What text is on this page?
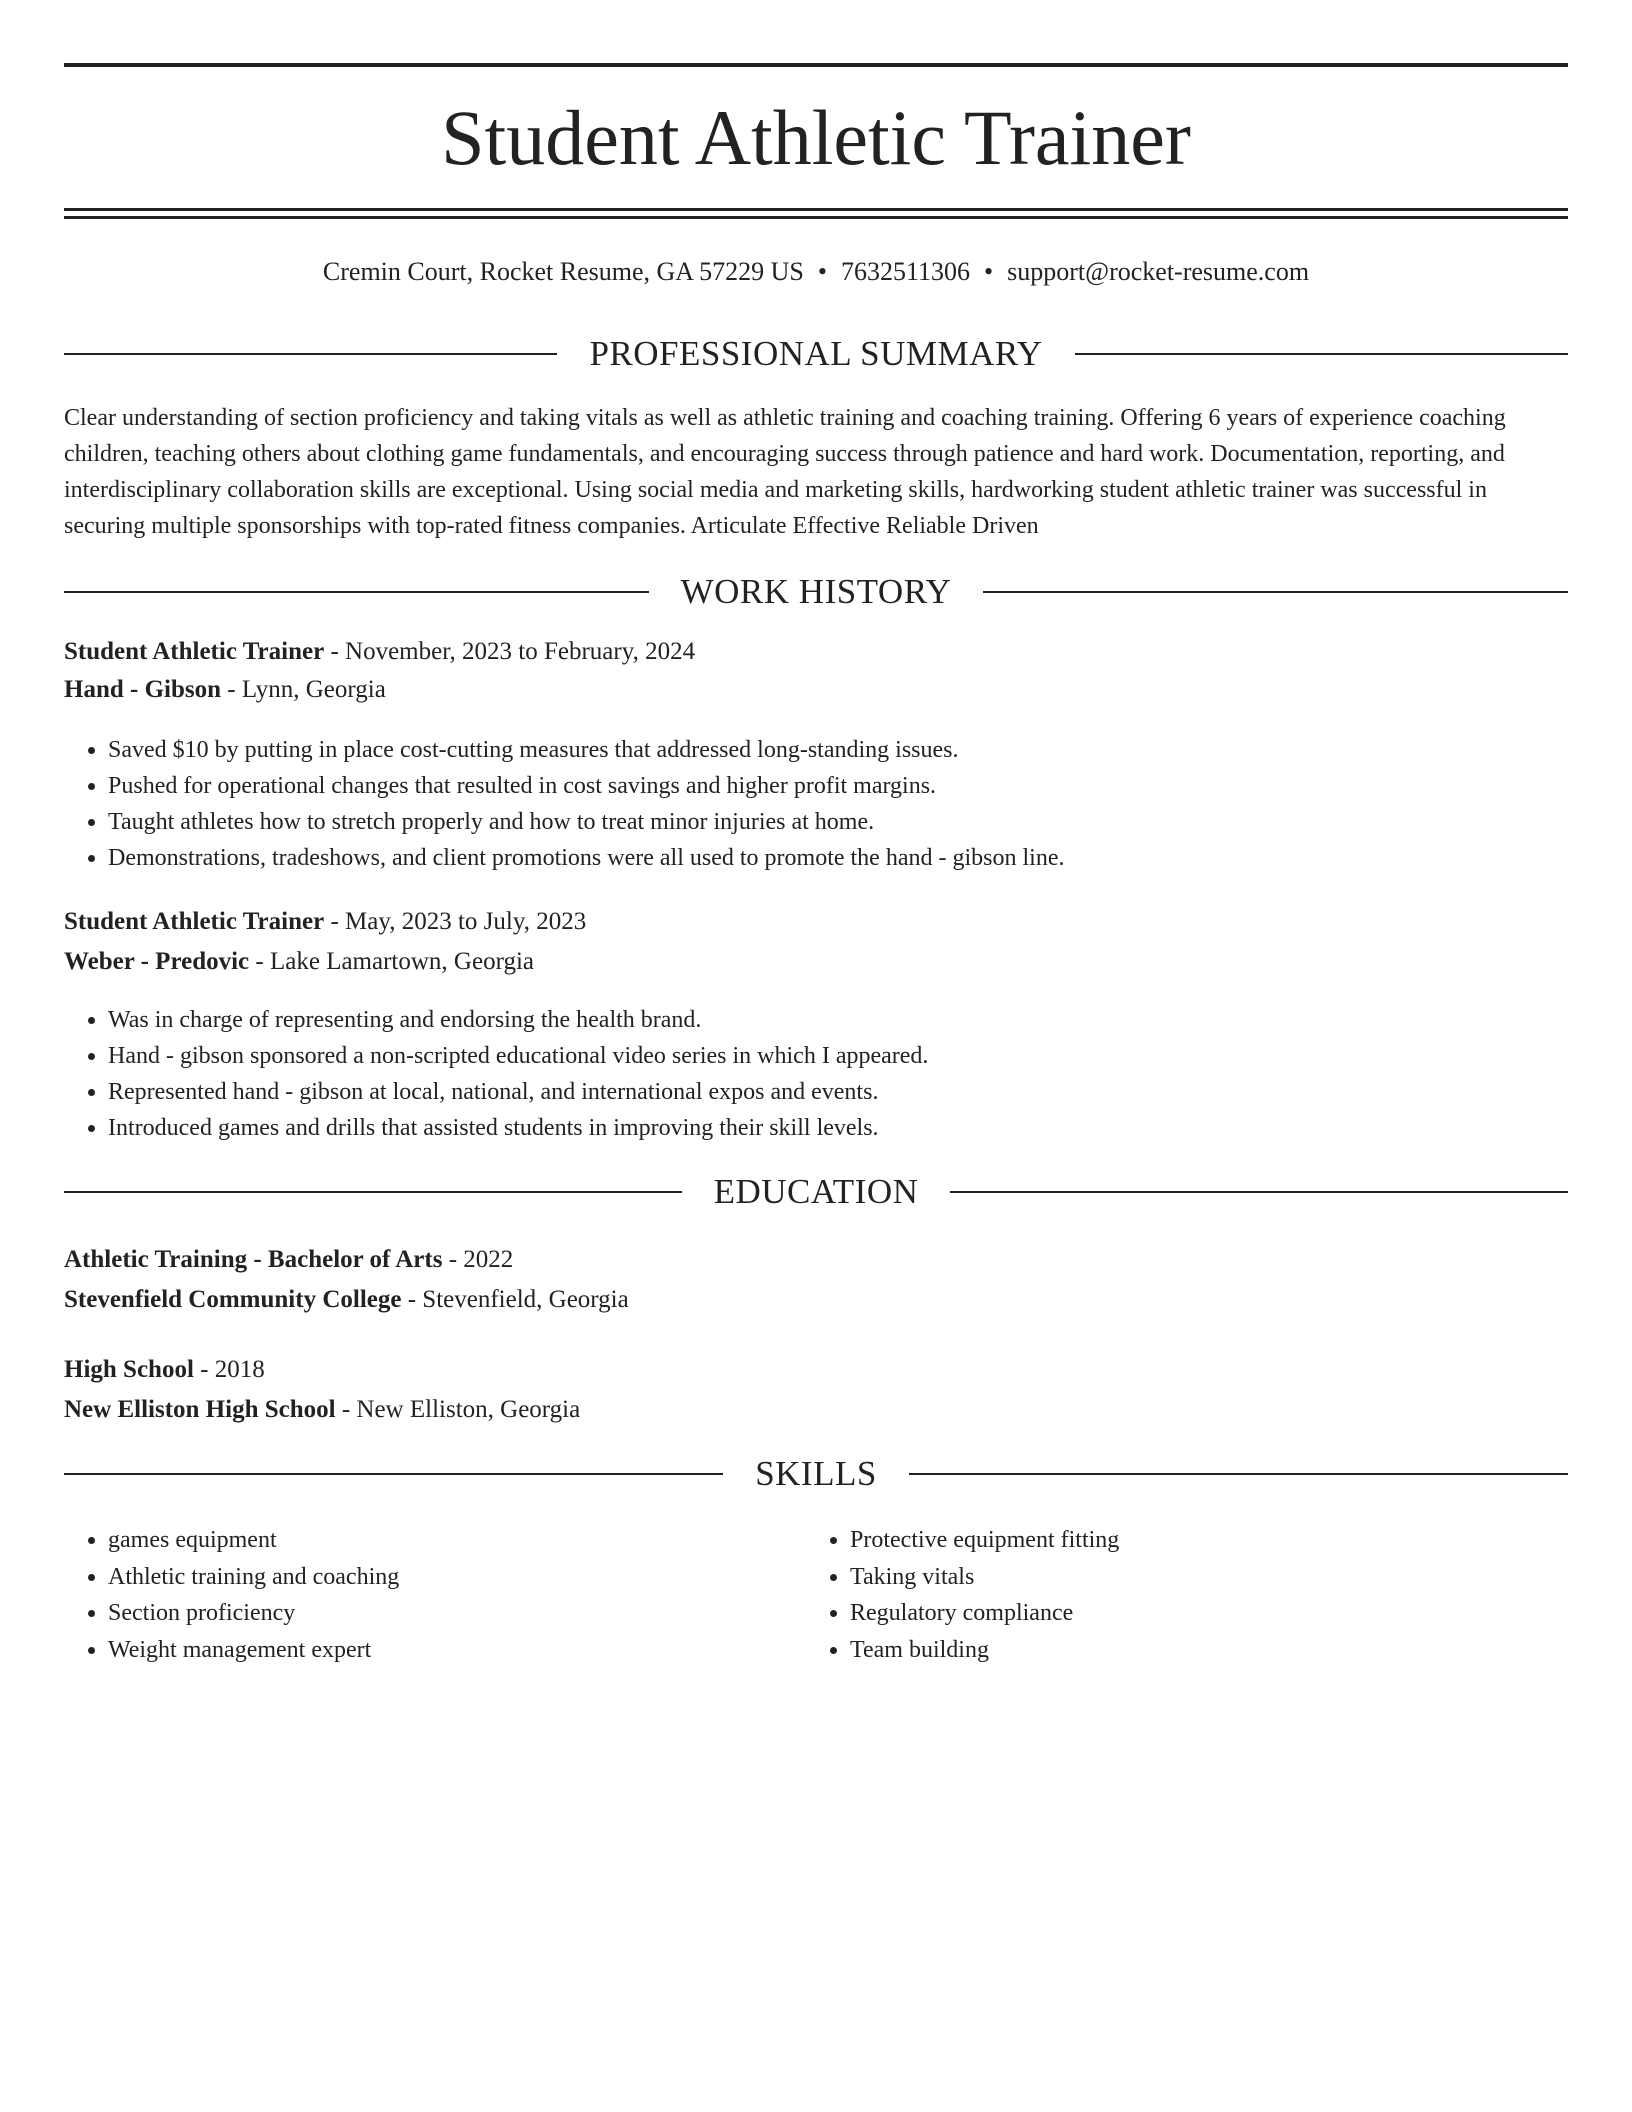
Student Athletic Trainer
Cremin Court, Rocket Resume, GA 57229 US • 7632511306 • support@rocket-resume.com
PROFESSIONAL SUMMARY

Clear understanding of section proficiency and taking vitals as well as athletic training and coaching training. Offering 6 years of experience coaching children, teaching others about clothing game fundamentals, and encouraging success through patience and hard work. Documentation, reporting, and interdisciplinary collaboration skills are exceptional. Using social media and marketing skills, hardworking student athletic trainer was successful in securing multiple sponsorships with top-rated fitness companies. Articulate Effective Reliable Driven

WORK HISTORY
Student Athletic Trainer - November, 2023 to February, 2024
Hand - Gibson - Lynn, Georgia
• Saved $10 by putting in place cost-cutting measures that addressed long-standing issues.
• Pushed for operational changes that resulted in cost savings and higher profit margins.
• Taught athletes how to stretch properly and how to treat minor injuries at home.
• Demonstrations, tradeshows, and client promotions were all used to promote the hand - gibson line.
Student Athletic Trainer - May, 2023 to July, 2023
Weber - Predovic - Lake Lamartown, Georgia
• Was in charge of representing and endorsing the health brand.
• Hand - gibson sponsored a non-scripted educational video series in which I appeared.
• Represented hand - gibson at local, national, and international expos and events.
• Introduced games and drills that assisted students in improving their skill levels.
EDUCATION
Athletic Training - Bachelor of Arts - 2022
Stevenfield Community College - Stevenfield, Georgia
High School - 2018
New Elliston High School - New Elliston, Georgia
SKILLS
• games equipment
• Athletic training and coaching
• Section proficiency
• Weight management expert
• Protective equipment fitting
• Taking vitals
• Regulatory compliance
• Team building
